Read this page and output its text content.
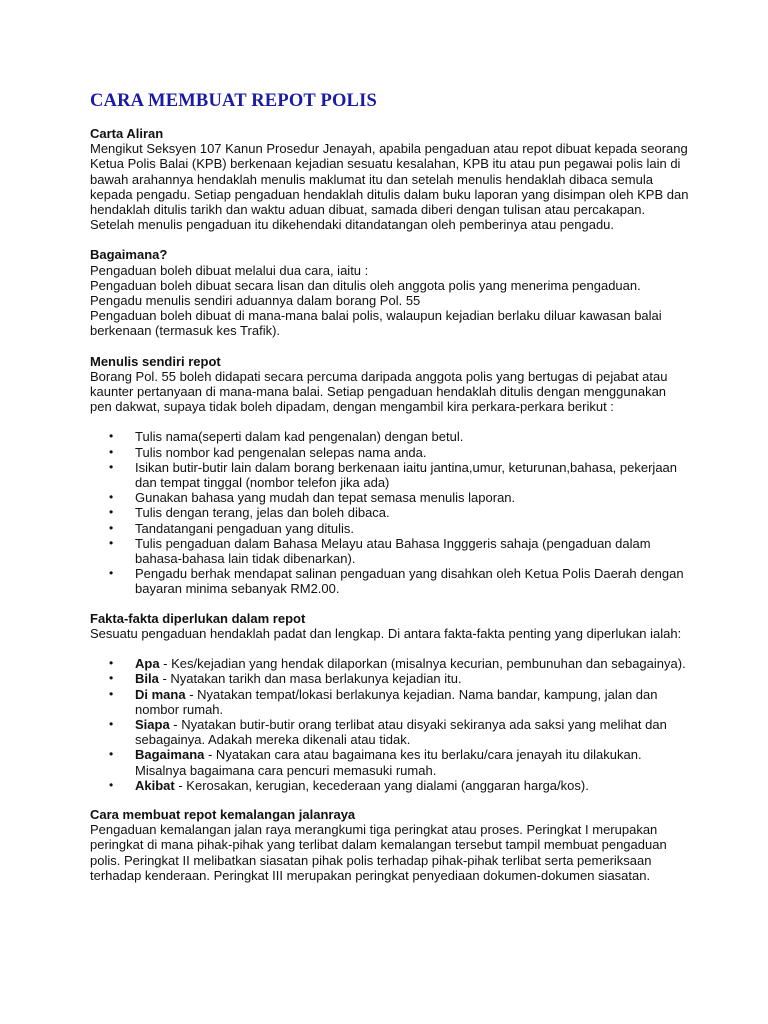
CARA MEMBUAT REPOT POLIS

Carta Aliran

Mengikut Seksyen 107 Kanun Prosedur Jenayah, apabila pengaduan atau repot dibuat kepada seorang Ketua Polis Balai (KPB) berkenaan kejadian sesuatu kesalahan, KPB itu atau pun pegawai polis lain di bawah arahannya hendaklah menulis maklumat itu dan setelah menulis hendaklah dibaca semula kepada pengadu. Setiap pengaduan hendaklah ditulis dalam buku laporan yang disimpan oleh KPB dan hendaklah ditulis tarikh dan waktu aduan dibuat, samada diberi dengan tulisan atau percakapan. Setelah menulis pengaduan itu dikehendaki ditandatangan oleh pemberinya atau pengadu.

Bagaimana?

Pengaduan boleh dibuat melalui dua cara, iaitu :

Pengaduan boleh dibuat secara lisan dan ditulis oleh anggota polis yang menerima pengaduan.

Pengadu menulis sendiri aduannya dalam borang Pol. 55

Pengaduan boleh dibuat di mana-mana balai polis, walaupun kejadian berlaku diluar kawasan balai berkenaan (termasuk kes Trafik).

Menulis sendiri repot

Borang Pol. 55 boleh didapati secara percuma daripada anggota polis yang bertugas di pejabat atau kaunter pertanyaan di mana-mana balai. Setiap pengaduan hendaklah ditulis dengan menggunakan pen dakwat, supaya tidak boleh dipadam, dengan mengambil kira perkara-perkara berikut :

•	Tulis nama(seperti dalam kad pengenalan) dengan betul.
•	Tulis nombor kad pengenalan selepas nama anda.
•	Isikan butir-butir lain dalam borang berkenaan iaitu jantina,umur, keturunan,bahasa, pekerjaan dan tempat tinggal (nombor telefon jika ada)
•	Gunakan bahasa yang mudah dan tepat semasa menulis laporan.
•	Tulis dengan terang, jelas dan boleh dibaca.
•	Tandatangani pengaduan yang ditulis.
•	Tulis pengaduan dalam Bahasa Melayu atau Bahasa Ingggeris sahaja (pengaduan dalam bahasa-bahasa lain tidak dibenarkan).
•	Pengadu berhak mendapat salinan pengaduan yang disahkan oleh Ketua Polis Daerah dengan bayaran minima sebanyak RM2.00.

Fakta-fakta diperlukan dalam repot

Sesuatu pengaduan hendaklah padat dan lengkap. Di antara fakta-fakta penting yang diperlukan ialah:

•	Apa - Kes/kejadian yang hendak dilaporkan (misalnya kecurian, pembunuhan dan sebagainya).
•	Bila - Nyatakan tarikh dan masa berlakunya kejadian itu.
•	Di mana - Nyatakan tempat/lokasi berlakunya kejadian. Nama bandar, kampung, jalan dan nombor rumah.
•	Siapa - Nyatakan butir-butir orang terlibat atau disyaki sekiranya ada saksi yang melihat dan sebagainya. Adakah mereka dikenali atau tidak.
•	Bagaimana - Nyatakan cara atau bagaimana kes itu berlaku/cara jenayah itu dilakukan. Misalnya bagaimana cara pencuri memasuki rumah.
•	Akibat - Kerosakan, kerugian, kecederaan yang dialami (anggaran harga/kos).

Cara membuat repot kemalangan jalanraya

Pengaduan kemalangan jalan raya merangkumi tiga peringkat atau proses. Peringkat I merupakan peringkat di mana pihak-pihak yang terlibat dalam kemalangan tersebut tampil membuat pengaduan polis. Peringkat II melibatkan siasatan pihak polis terhadap pihak-pihak terlibat serta pemeriksaan terhadap kenderaan. Peringkat III merupakan peringkat penyediaan dokumen-dokumen siasatan.
